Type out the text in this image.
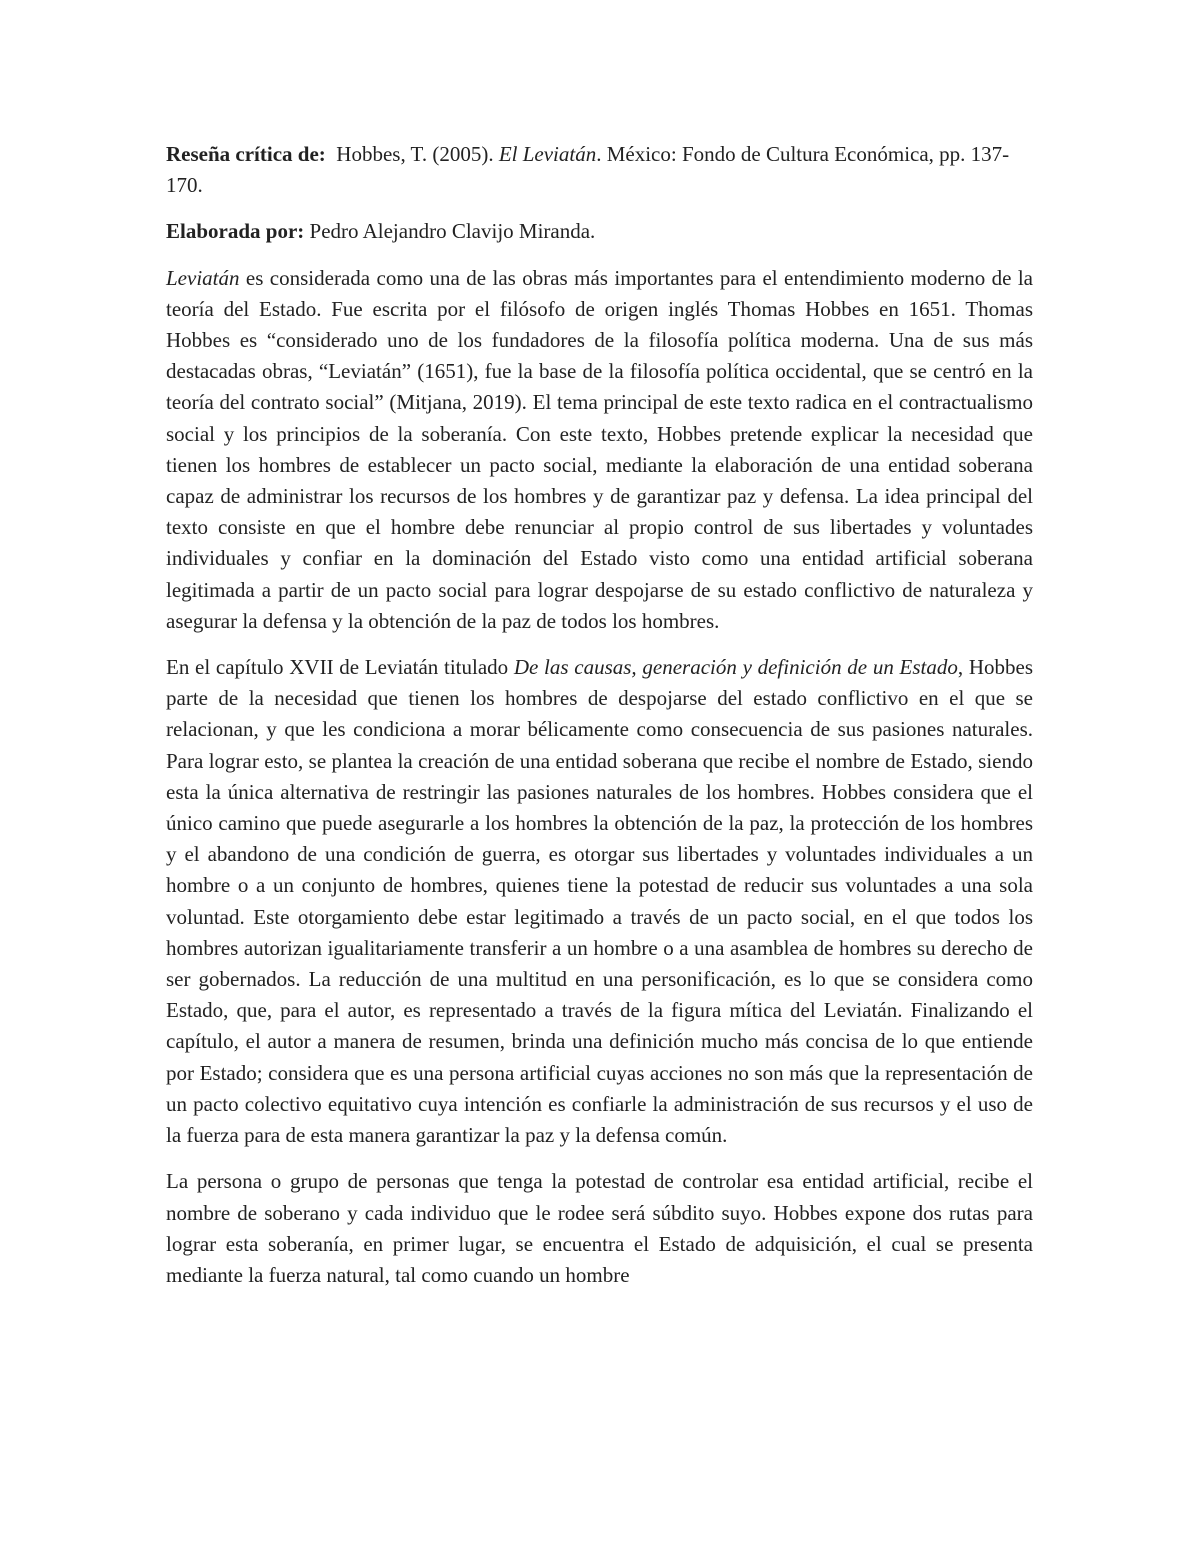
Reseña crítica de: Hobbes, T. (2005). El Leviatán. México: Fondo de Cultura Económica, pp. 137-170.

Elaborada por: Pedro Alejandro Clavijo Miranda.

Leviatán es considerada como una de las obras más importantes para el entendimiento moderno de la teoría del Estado. Fue escrita por el filósofo de origen inglés Thomas Hobbes en 1651. Thomas Hobbes es “considerado uno de los fundadores de la filosofía política moderna. Una de sus más destacadas obras, “Leviatán” (1651), fue la base de la filosofía política occidental, que se centró en la teoría del contrato social” (Mitjana, 2019). El tema principal de este texto radica en el contractualismo social y los principios de la soberanía. Con este texto, Hobbes pretende explicar la necesidad que tienen los hombres de establecer un pacto social, mediante la elaboración de una entidad soberana capaz de administrar los recursos de los hombres y de garantizar paz y defensa. La idea principal del texto consiste en que el hombre debe renunciar al propio control de sus libertades y voluntades individuales y confiar en la dominación del Estado visto como una entidad artificial soberana legitimada a partir de un pacto social para lograr despojarse de su estado conflictivo de naturaleza y asegurar la defensa y la obtención de la paz de todos los hombres.

En el capítulo XVII de Leviatán titulado De las causas, generación y definición de un Estado, Hobbes parte de la necesidad que tienen los hombres de despojarse del estado conflictivo en el que se relacionan, y que les condiciona a morar bélicamente como consecuencia de sus pasiones naturales. Para lograr esto, se plantea la creación de una entidad soberana que recibe el nombre de Estado, siendo esta la única alternativa de restringir las pasiones naturales de los hombres. Hobbes considera que el único camino que puede asegurarle a los hombres la obtención de la paz, la protección de los hombres y el abandono de una condición de guerra, es otorgar sus libertades y voluntades individuales a un hombre o a un conjunto de hombres, quienes tiene la potestad de reducir sus voluntades a una sola voluntad. Este otorgamiento debe estar legitimado a través de un pacto social, en el que todos los hombres autorizan igualitariamente transferir a un hombre o a una asamblea de hombres su derecho de ser gobernados. La reducción de una multitud en una personificación, es lo que se considera como Estado, que, para el autor, es representado a través de la figura mítica del Leviatán. Finalizando el capítulo, el autor a manera de resumen, brinda una definición mucho más concisa de lo que entiende por Estado; considera que es una persona artificial cuyas acciones no son más que la representación de un pacto colectivo equitativo cuya intención es confiarle la administración de sus recursos y el uso de la fuerza para de esta manera garantizar la paz y la defensa común.

La persona o grupo de personas que tenga la potestad de controlar esa entidad artificial, recibe el nombre de soberano y cada individuo que le rodee será súbdito suyo. Hobbes expone dos rutas para lograr esta soberanía, en primer lugar, se encuentra el Estado de adquisición, el cual se presenta mediante la fuerza natural, tal como cuando un hombre
